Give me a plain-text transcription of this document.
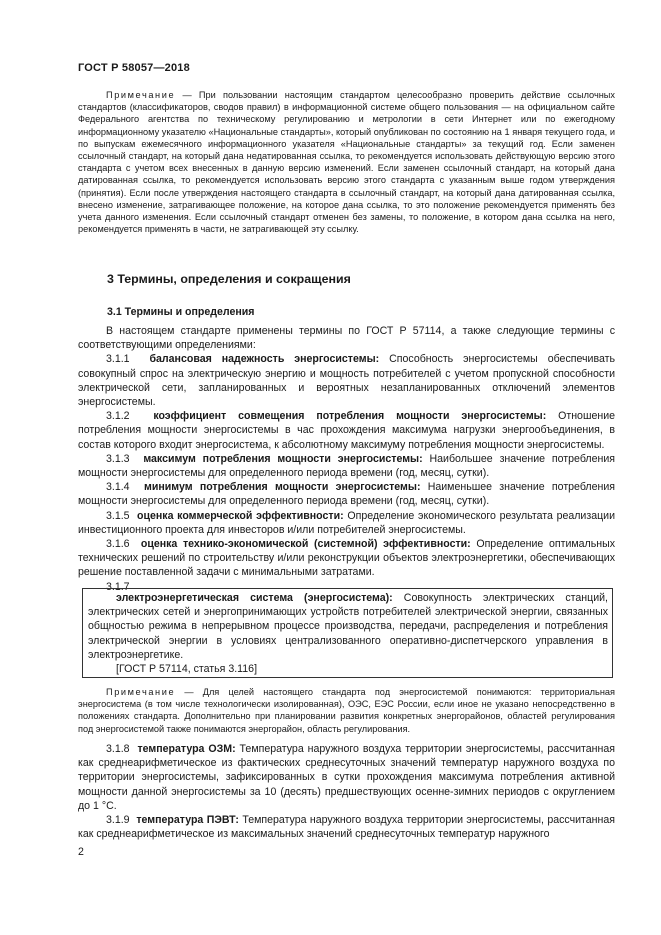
ГОСТ Р 58057—2018

Примечание — При пользовании настоящим стандартом целесообразно проверить действие ссылочных стандартов (классификаторов, сводов правил) в информационной системе общего пользования — на официальном сайте Федерального агентства по техническому регулированию и метрологии в сети Интернет или по ежегодному информационному указателю «Национальные стандарты», который опубликован по состоянию на 1 января текущего года, и по выпускам ежемесячного информационного указателя «Национальные стандарты» за текущий год. Если заменен ссылочный стандарт, на который дана недатированная ссылка, то рекомендуется использовать действующую версию этого стандарта с учетом всех внесенных в данную версию изменений. Если заменен ссылочный стандарт, на который дана датированная ссылка, то рекомендуется использовать версию этого стандарта с указанным выше годом утверждения (принятия). Если после утверждения настоящего стандарта в ссылочный стандарт, на который дана датированная ссылка, внесено изменение, затрагивающее положение, на которое дана ссылка, то это положение рекомендуется применять без учета данного изменения. Если ссылочный стандарт отменен без замены, то положение, в котором дана ссылка на него, рекомендуется применять в части, не затрагивающей эту ссылку.

3 Термины, определения и сокращения
3.1 Термины и определения

В настоящем стандарте применены термины по ГОСТ Р 57114, а также следующие термины с соответствующими определениями:

3.1.1 балансовая надежность энергосистемы: Способность энергосистемы обеспечивать совокупный спрос на электрическую энергию и мощность потребителей с учетом пропускной способности электрической сети, запланированных и вероятных незапланированных отключений элементов энергосистемы.

3.1.2 коэффициент совмещения потребления мощности энергосистемы: Отношение потребления мощности энергосистемы в час прохождения максимума нагрузки энергообъединения, в состав которого входит энергосистема, к абсолютному максимуму потребления мощности энергосистемы.

3.1.3 максимум потребления мощности энергосистемы: Наибольшее значение потребления мощности энергосистемы для определенного периода времени (год, месяц, сутки).

3.1.4 минимум потребления мощности энергосистемы: Наименьшее значение потребления мощности энергосистемы для определенного периода времени (год, месяц, сутки).

3.1.5 оценка коммерческой эффективности: Определение экономического результата реализации инвестиционного проекта для инвесторов и/или потребителей энергосистемы.

3.1.6 оценка технико-экономической (системной) эффективности: Определение оптимальных технических решений по строительству и/или реконструкции объектов электроэнергетики, обеспечивающих решение поставленной задачи с минимальными затратами.

3.1.7

электроэнергетическая система (энергосистема): Совокупность электрических станций, электрических сетей и энергопринимающих устройств потребителей электрической энергии, связанных общностью режима в непрерывном процессе производства, передачи, распределения и потребления электрической энергии в условиях централизованного оперативно-диспетчерского управления в электроэнергетике.

[ГОСТ Р 57114, статья 3.116]

Примечание — Для целей настоящего стандарта под энергосистемой понимаются: территориальная энергосистема (в том числе технологически изолированная), ОЭС, ЕЭС России, если иное не указано непосредственно в положениях стандарта. Дополнительно при планировании развития конкретных энергорайонов, областей регулирования под энергосистемой также понимаются энергорайон, область регулирования.

3.1.8 температура ОЗМ: Температура наружного воздуха территории энергосистемы, рассчитанная как среднеарифметическое из фактических среднесуточных значений температур наружного воздуха по территории энергосистемы, зафиксированных в сутки прохождения максимума потребления активной мощности данной энергосистемы за 10 (десять) предшествующих осенне-зимних периодов с округлением до 1 °С.

3.1.9 температура ПЭВТ: Температура наружного воздуха территории энергосистемы, рассчитанная как среднеарифметическое из максимальных значений среднесуточных температур наружного

2
